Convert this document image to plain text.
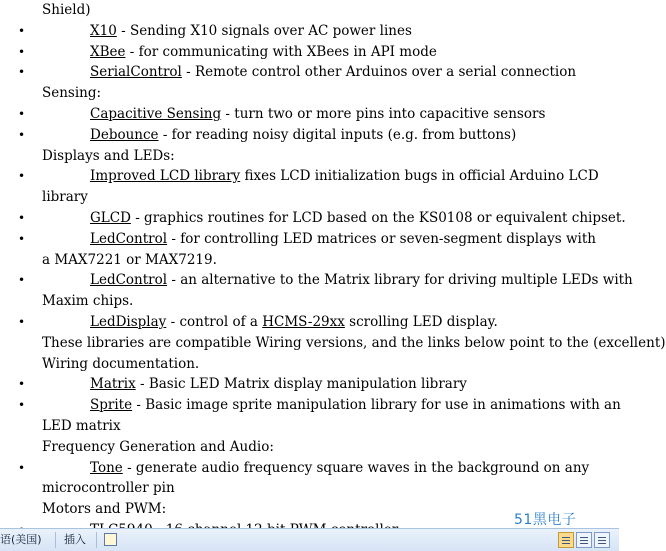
Shield)
•	X10 - Sending X10 signals over AC power lines
•	XBee - for communicating with XBees in API mode
•	SerialControl - Remote control other Arduinos over a serial connection
Sensing:
•	Capacitive Sensing - turn two or more pins into capacitive sensors
•	Debounce - for reading noisy digital inputs (e.g. from buttons)
Displays and LEDs:
•	Improved LCD library fixes LCD initialization bugs in official Arduino LCD
library
•	GLCD - graphics routines for LCD based on the KS0108 or equivalent chipset.
•	LedControl - for controlling LED matrices or seven-segment displays with
a MAX7221 or MAX7219.
•	LedControl - an alternative to the Matrix library for driving multiple LEDs with
Maxim chips.
•	LedDisplay - control of a HCMS-29xx scrolling LED display.
These libraries are compatible Wiring versions, and the links below point to the (excellent)
Wiring documentation.
•	Matrix - Basic LED Matrix display manipulation library
•	Sprite - Basic image sprite manipulation library for use in animations with an
LED matrix
Frequency Generation and Audio:
•	Tone - generate audio frequency square waves in the background on any
microcontroller pin
Motors and PWM:
51黑电子
语(美国) 插入
